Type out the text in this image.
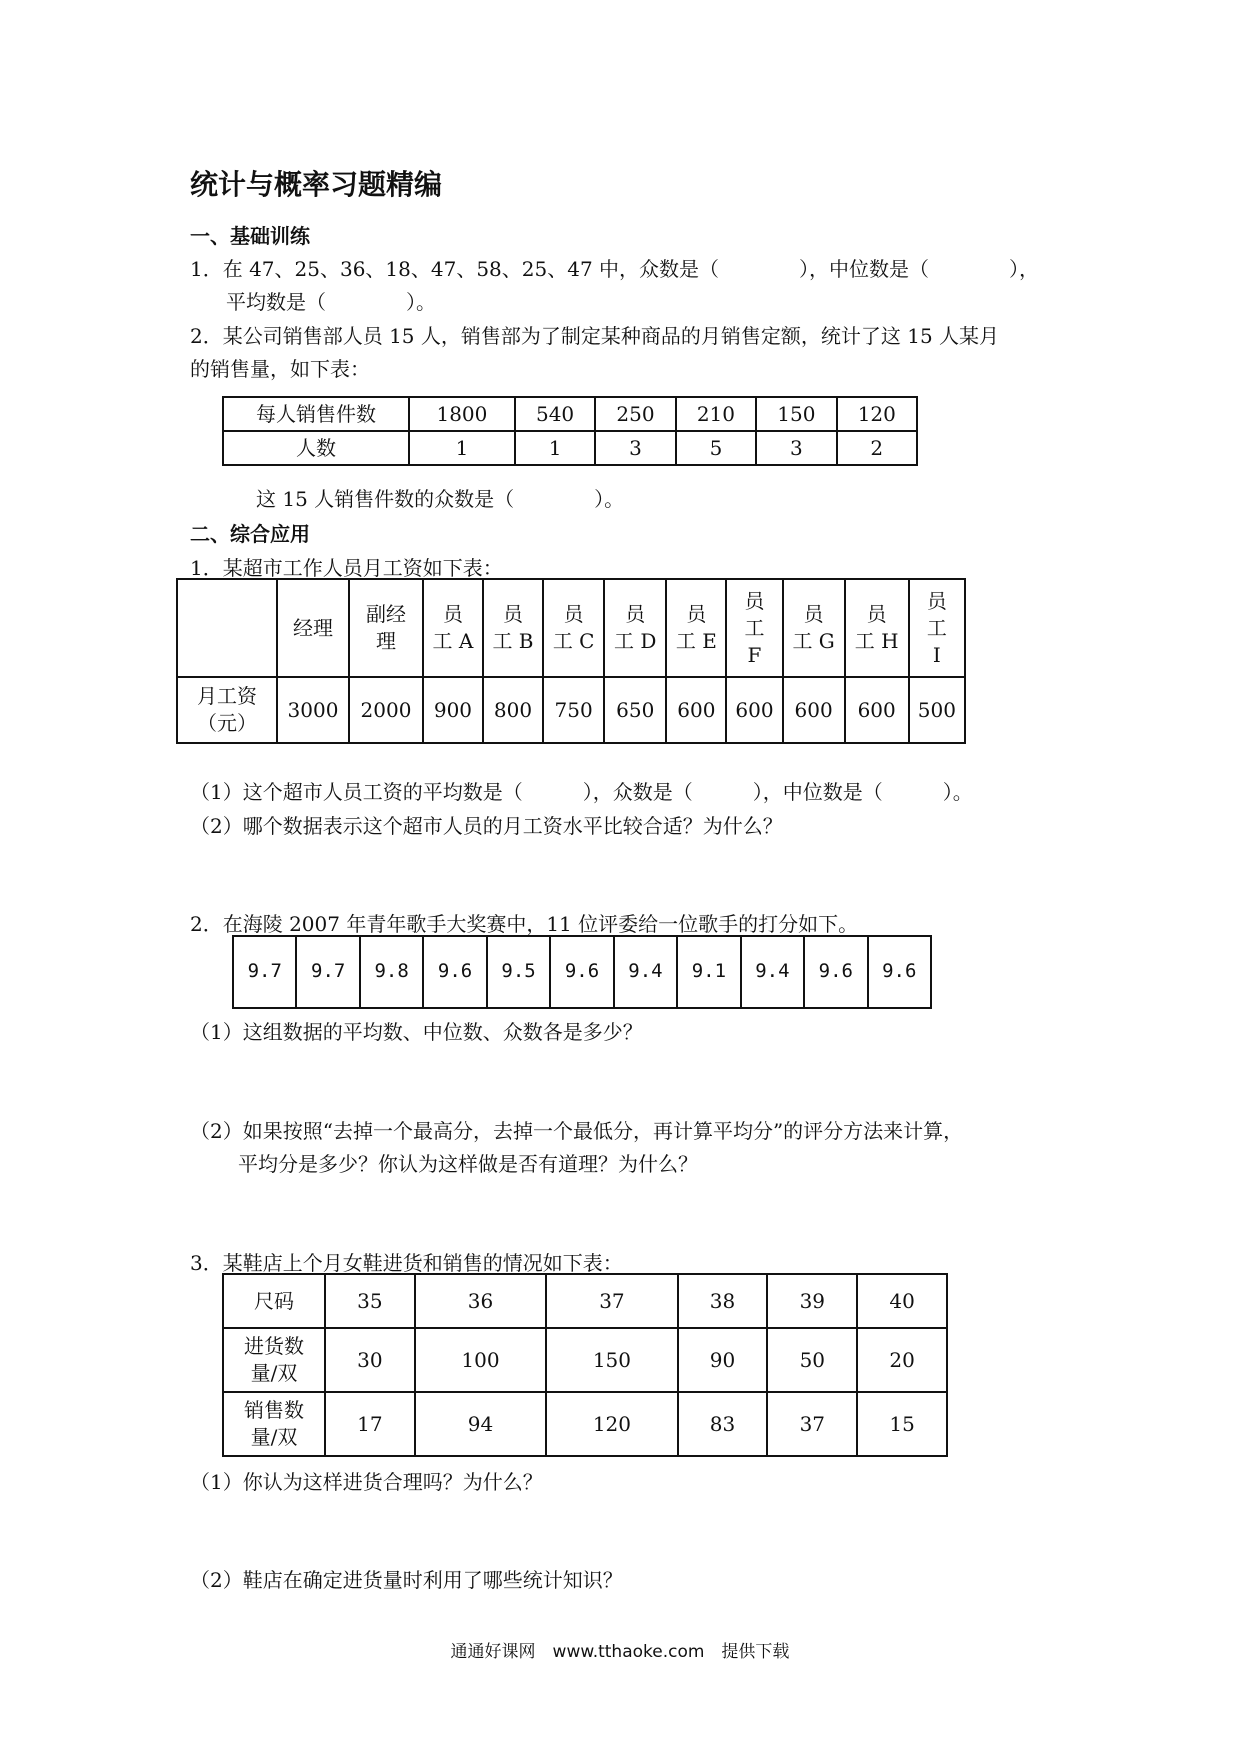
统计与概率习题精编
一、基础训练
1．在 47、25、36、18、47、58、25、47 中，众数是（　　　　），中位数是（　　　　），
平均数是（　　　　）。
2．某公司销售部人员 15 人，销售部为了制定某种商品的月销售定额，统计了这 15 人某月
的销售量，如下表：
每人销售件数	1800	540	250	210	150	120
人数	1	1	3	5	3	2
这 15 人销售件数的众数是（　　　　）。
二、综合应用
1．某超市工作人员月工资如下表：
	经理	副经
理	员
工 A	员
工 B	员
工 C	员
工 D	员
工 E	员
工
F	员
工 G	员
工 H	员
工
I
月工资
（元）	3000	2000	900	800	750	650	600	600	600	600	500
（1）这个超市人员工资的平均数是（　　　），众数是（　　　），中位数是（　　　）。
（2）哪个数据表示这个超市人员的月工资水平比较合适？为什么？
2．在海陵 2007 年青年歌手大奖赛中，11 位评委给一位歌手的打分如下。
9.7	9.7	9.8	9.6	9.5	9.6	9.4	9.1	9.4	9.6	9.6
（1）这组数据的平均数、中位数、众数各是多少？
（2）如果按照“去掉一个最高分，去掉一个最低分，再计算平均分”的评分方法来计算，
平均分是多少？你认为这样做是否有道理？为什么？
3．某鞋店上个月女鞋进货和销售的情况如下表：
尺码	35	36	37	38	39	40
进货数
量/双	30	100	150	90	50	20
销售数
量/双	17	94	120	83	37	15
（1）你认为这样进货合理吗？为什么？
（2）鞋店在确定进货量时利用了哪些统计知识？
通通好课网　www.tthaoke.com　提供下载
